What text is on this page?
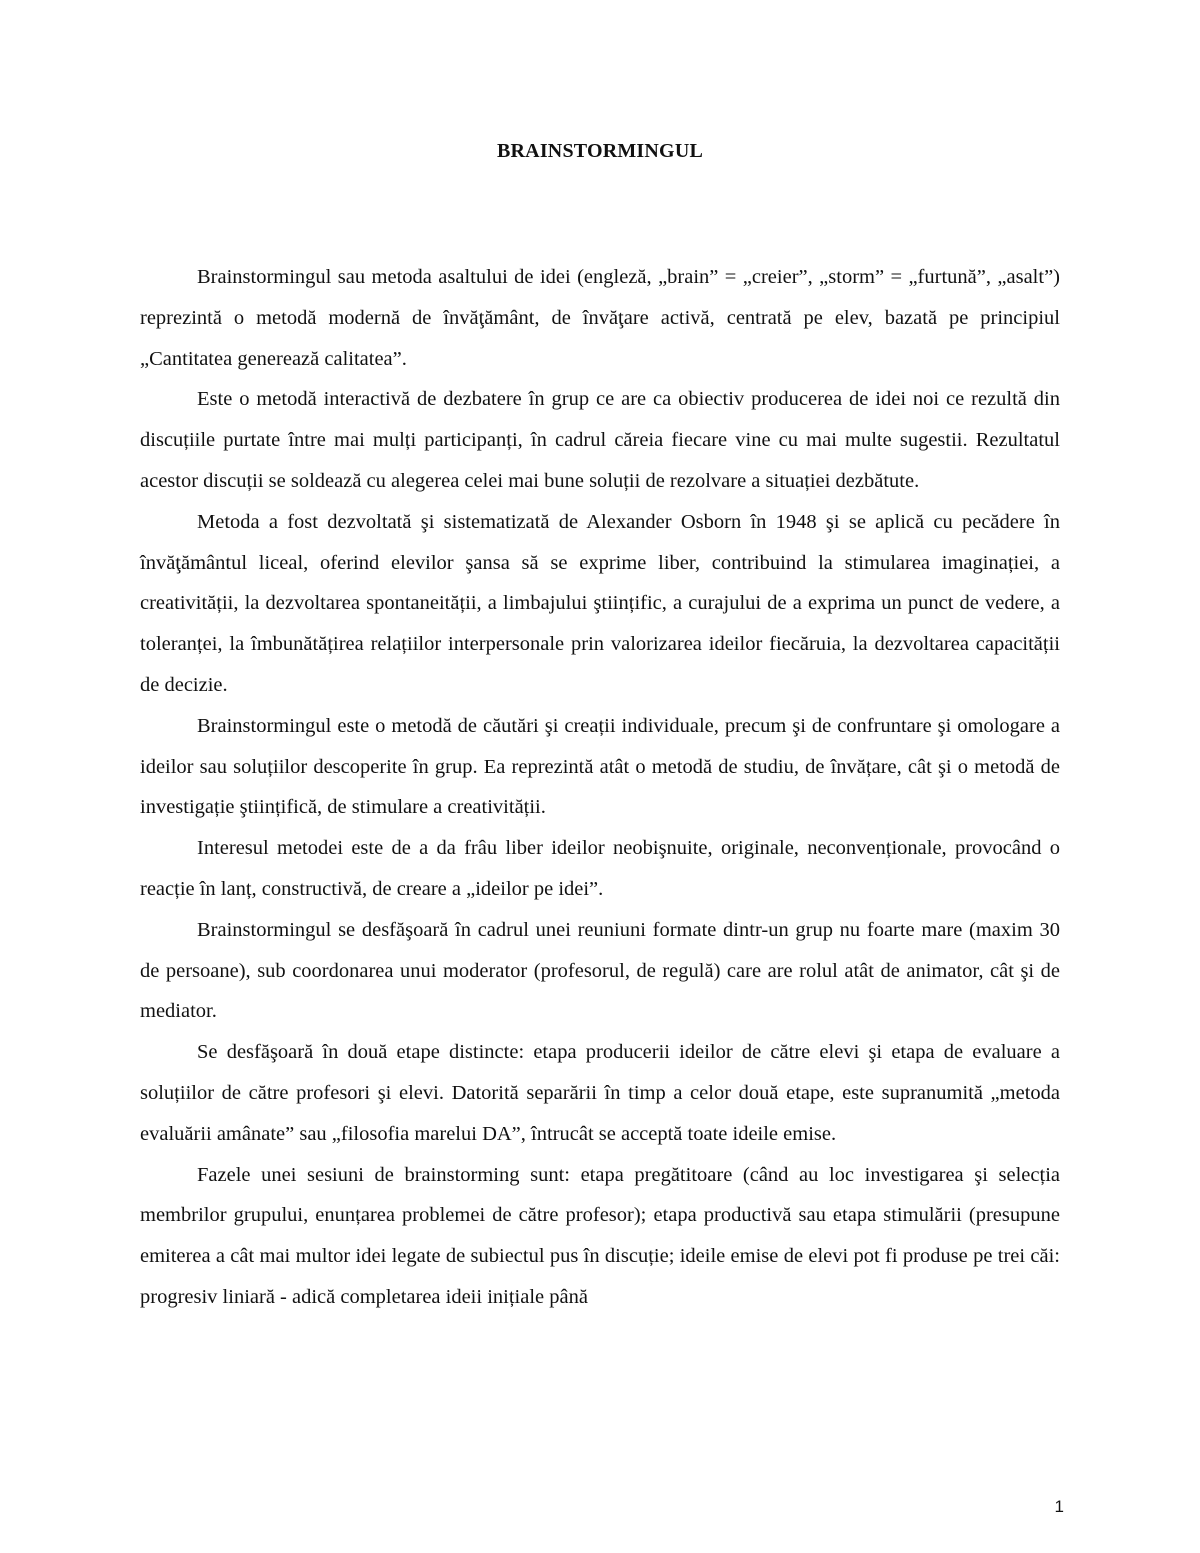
BRAINSTORMINGUL

Brainstormingul sau metoda asaltului de idei (engleză, „brain” = „creier”, „storm” = „furtună”, „asalt”) reprezintă o metodă modernă de învăţământ, de învăţare activă, centrată pe elev, bazată pe principiul „Cantitatea generează calitatea”.

Este o metodă interactivă de dezbatere în grup ce are ca obiectiv producerea de idei noi ce rezultă din discuțiile purtate între mai mulți participanți, în cadrul căreia fiecare vine cu mai multe sugestii. Rezultatul acestor discuții se soldează cu alegerea celei mai bune soluții de rezolvare a situației dezbătute.

Metoda a fost dezvoltată şi sistematizată de Alexander Osborn în 1948 şi se aplică cu pecădere în învăţământul liceal, oferind elevilor şansa să se exprime liber, contribuind la stimularea imaginației, a creativității, la dezvoltarea spontaneității, a limbajului ştiințific, a curajului de a exprima un punct de vedere, a toleranței, la îmbunătățirea relațiilor interpersonale prin valorizarea ideilor fiecăruia, la dezvoltarea capacității de decizie.

Brainstormingul este o metodă de căutări şi creații individuale, precum şi de confruntare şi omologare a ideilor sau soluțiilor descoperite în grup. Ea reprezintă atât o metodă de studiu, de învățare, cât şi o metodă de investigație ştiințifică, de stimulare a creativității.

Interesul metodei este de a da frâu liber ideilor neobişnuite, originale, neconvenționale, provocând o reacție în lanț, constructivă, de creare a „ideilor pe idei”.

Brainstormingul se desfăşoară în cadrul unei reuniuni formate dintr-un grup nu foarte mare (maxim 30 de persoane), sub coordonarea unui moderator (profesorul, de regulă) care are rolul atât de animator, cât şi de mediator.

Se desfăşoară în două etape distincte: etapa producerii ideilor de către elevi şi etapa de evaluare a soluțiilor de către profesori şi elevi. Datorită separării în timp a celor două etape, este supranumită „metoda evaluării amânate” sau „filosofia marelui DA”, întrucât se acceptă toate ideile emise.

Fazele unei sesiuni de brainstorming sunt: etapa pregătitoare (când au loc investigarea şi selecția membrilor grupului, enunțarea problemei de către profesor); etapa productivă sau etapa stimulării (presupune emiterea a cât mai multor idei legate de subiectul pus în discuție; ideile emise de elevi pot fi produse pe trei căi: progresiv liniară - adică completarea ideii inițiale până

1
